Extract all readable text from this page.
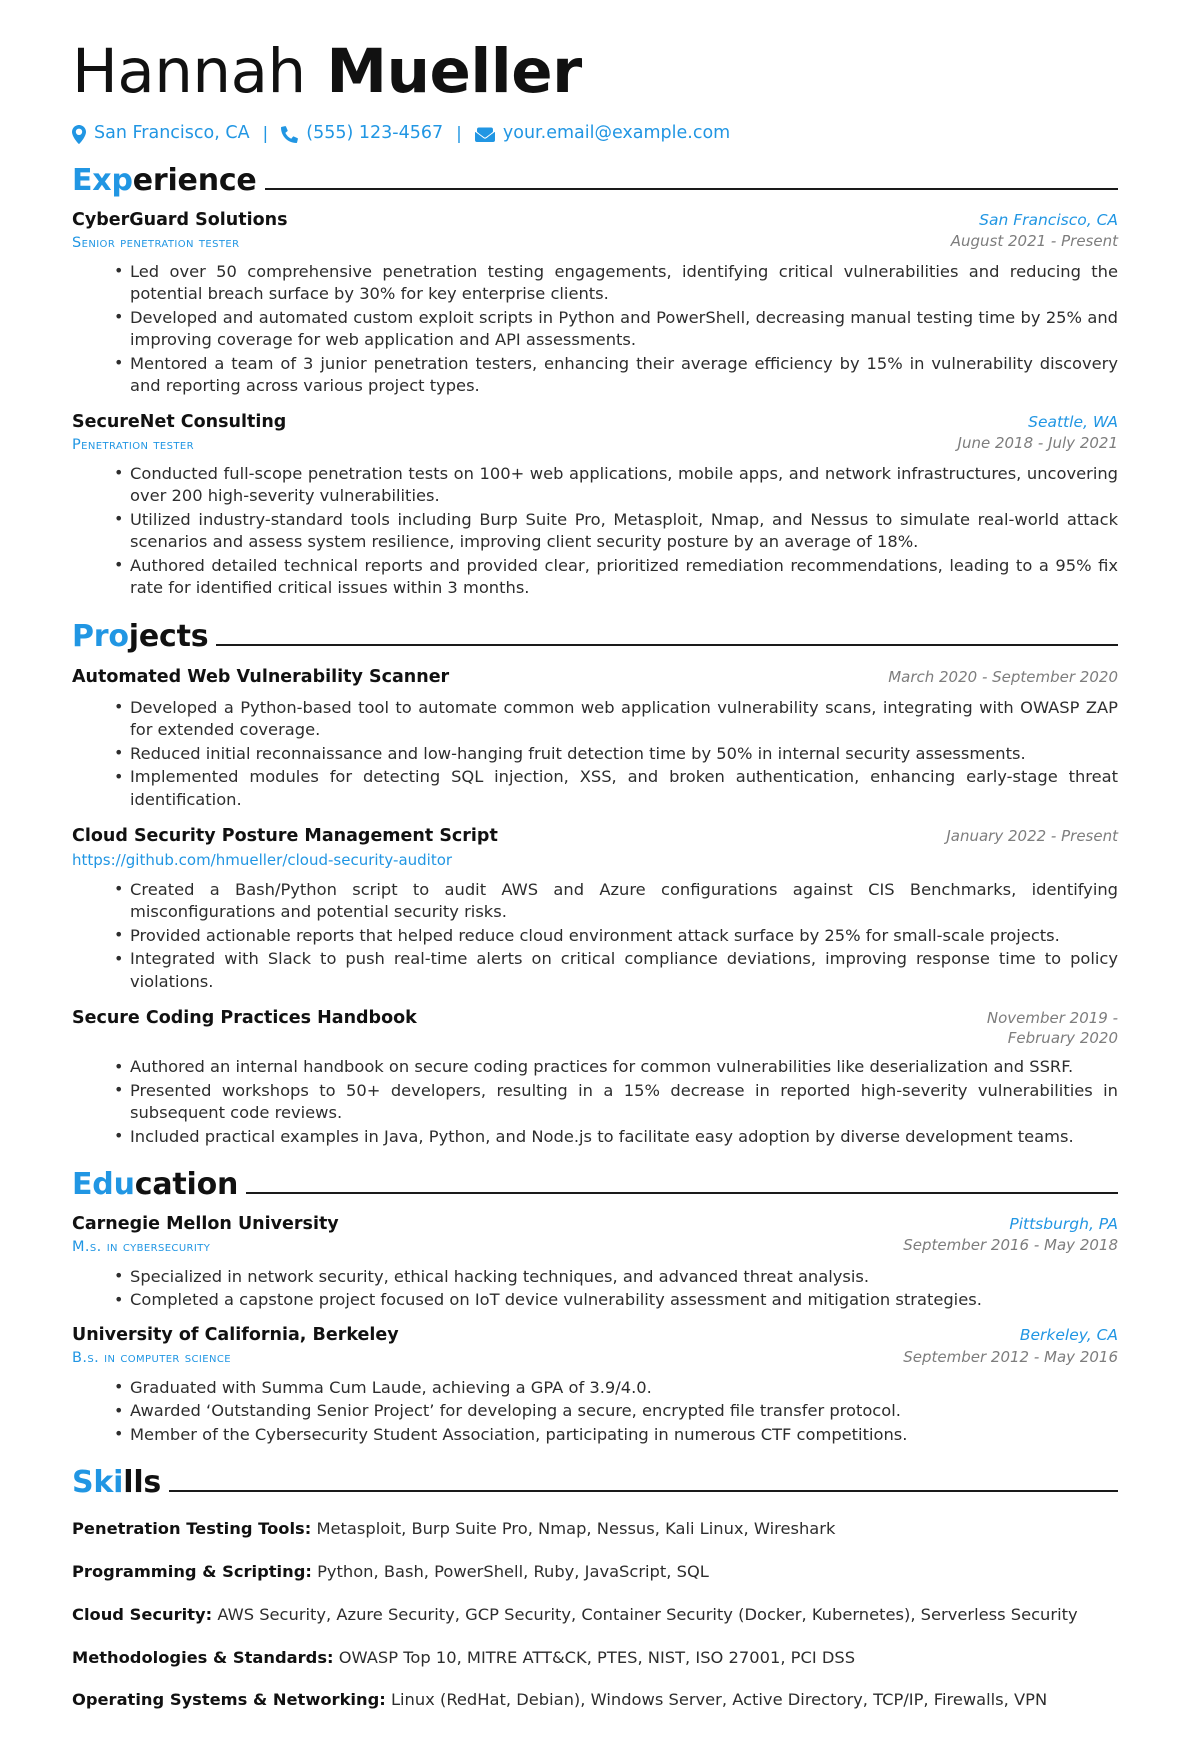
Hannah Mueller
San Francisco, CA | (555) 123-4567 | your.email@example.com
Experience
CyberGuard Solutions
Senior penetration tester
San Francisco, CA
August 2021 - Present
• Led over 50 comprehensive penetration testing engagements, identifying critical vulnerabilities and reducing the potential breach surface by 30% for key enterprise clients.
• Developed and automated custom exploit scripts in Python and PowerShell, decreasing manual testing time by 25% and improving coverage for web application and API assessments.
• Mentored a team of 3 junior penetration testers, enhancing their average efficiency by 15% in vulnerability discovery and reporting across various project types.
SecureNet Consulting
Penetration tester
Seattle, WA
June 2018 - July 2021
• Conducted full-scope penetration tests on 100+ web applications, mobile apps, and network infrastructures, uncovering over 200 high-severity vulnerabilities.
• Utilized industry-standard tools including Burp Suite Pro, Metasploit, Nmap, and Nessus to simulate real-world attack scenarios and assess system resilience, improving client security posture by an average of 18%.
• Authored detailed technical reports and provided clear, prioritized remediation recommendations, leading to a 95% fix rate for identified critical issues within 3 months.
Projects
Automated Web Vulnerability Scanner	March 2020 - September 2020
• Developed a Python-based tool to automate common web application vulnerability scans, integrating with OWASP ZAP for extended coverage.
• Reduced initial reconnaissance and low-hanging fruit detection time by 50% in internal security assessments.
• Implemented modules for detecting SQL injection, XSS, and broken authentication, enhancing early-stage threat identification.
Cloud Security Posture Management Script	January 2022 - Present
https://github.com/hmueller/cloud-security-auditor
• Created a Bash/Python script to audit AWS and Azure configurations against CIS Benchmarks, identifying misconfigurations and potential security risks.
• Provided actionable reports that helped reduce cloud environment attack surface by 25% for small-scale projects.
• Integrated with Slack to push real-time alerts on critical compliance deviations, improving response time to policy violations.
Secure Coding Practices Handbook	November 2019 - February 2020
• Authored an internal handbook on secure coding practices for common vulnerabilities like deserialization and SSRF.
• Presented workshops to 50+ developers, resulting in a 15% decrease in reported high-severity vulnerabilities in subsequent code reviews.
• Included practical examples in Java, Python, and Node.js to facilitate easy adoption by diverse development teams.
Education
Carnegie Mellon University
M.s. in cybersecurity
Pittsburgh, PA
September 2016 - May 2018
• Specialized in network security, ethical hacking techniques, and advanced threat analysis.
• Completed a capstone project focused on IoT device vulnerability assessment and mitigation strategies.
University of California, Berkeley
B.s. in computer science
Berkeley, CA
September 2012 - May 2016
• Graduated with Summa Cum Laude, achieving a GPA of 3.9/4.0.
• Awarded ‘Outstanding Senior Project’ for developing a secure, encrypted file transfer protocol.
• Member of the Cybersecurity Student Association, participating in numerous CTF competitions.
Skills
Penetration Testing Tools: Metasploit, Burp Suite Pro, Nmap, Nessus, Kali Linux, Wireshark
Programming & Scripting: Python, Bash, PowerShell, Ruby, JavaScript, SQL
Cloud Security: AWS Security, Azure Security, GCP Security, Container Security (Docker, Kubernetes), Serverless Security
Methodologies & Standards: OWASP Top 10, MITRE ATT&CK, PTES, NIST, ISO 27001, PCI DSS
Operating Systems & Networking: Linux (RedHat, Debian), Windows Server, Active Directory, TCP/IP, Firewalls, VPN
